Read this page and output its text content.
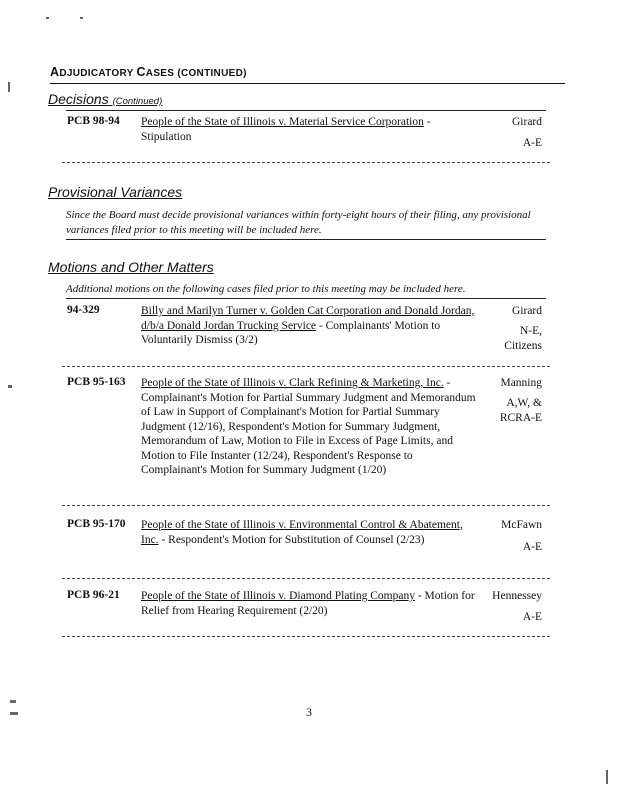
ADJUDICATORY CASES (CONTINUED)
Decisions (Continued)
PCB 98-94 People of the State of Illinois v. Material Service Corporation - Stipulation
Girard
A-E
Provisional Variances
Since the Board must decide provisional variances within forty-eight hours of their filing, any provisional variances filed prior to this meeting will be included here.
Motions and Other Matters
Additional motions on the following cases filed prior to this meeting may be included here.
94-329	Billy and Marilyn Turner v. Golden Cat Corporation and Donald Jordan, d/b/a Donald Jordan Trucking Service - Complainants' Motion to Voluntarily Dismiss (3/2)
Girard
N-E,
Citizens
PCB 95-163 People of the State of Illinois v. Clark Refining & Marketing, Inc. - Complainant's Motion for Partial Summary Judgment and Memorandum of Law in Support of Complainant's Motion for Partial Summary Judgment (12/16), Respondent's Motion for Summary Judgment, Memorandum of Law, Motion to File in Excess of Page Limits, and Motion to File Instanter (12/24), Respondent's Response to Complainant's Motion for Summary Judgment (1/20)
Manning
A,W, &
RCRA-E
PCB 95-170 People of the State of Illinois v. Environmental Control & Abatement, Inc. - Respondent's Motion for Substitution of Counsel (2/23)
McFawn
A-E
PCB 96-21 People of the State of Illinois v. Diamond Plating Company - Motion for Relief from Hearing Requirement (2/20)
Hennessey
A-E
3
